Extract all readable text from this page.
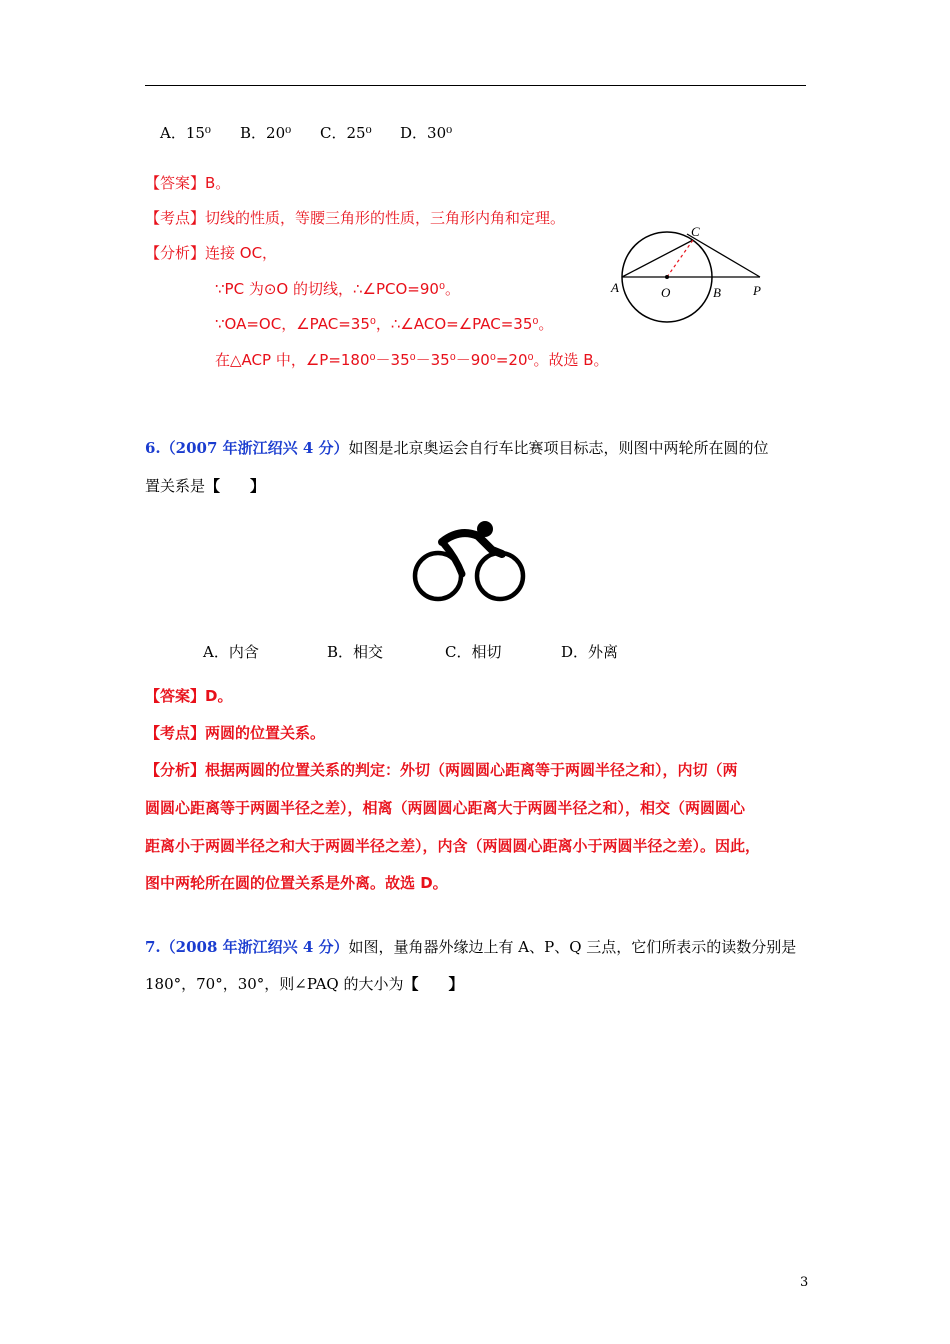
A．15⁰ B．20⁰ C．25⁰ D．30⁰
【答案】B。
【考点】切线的性质，等腰三角形的性质，三角形内角和定理。
【分析】连接 OC，
∵PC 为⊙O 的切线，∴∠PCO=90⁰。
∵OA=OC，∠PAC=35⁰，∴∠ACO=∠PAC=35⁰。
在△ACP 中，∠P=180⁰－35⁰－35⁰－90⁰=20⁰。故选 B。
A	O	B P
C
6.（2007 年浙江绍兴 4 分）如图是北京奥运会自行车比赛项目标志，则图中两轮所在圆的位
置关系是【　　】
A．内含	B．相交	C．相切	D．外离
【答案】D。
【考点】两圆的位置关系。
【分析】根据两圆的位置关系的判定：外切（两圆圆心距离等于两圆半径之和），内切（两
圆圆心距离等于两圆半径之差），相离（两圆圆心距离大于两圆半径之和），相交（两圆圆心
距离小于两圆半径之和大于两圆半径之差），内含（两圆圆心距离小于两圆半径之差）。因此，
图中两轮所在圆的位置关系是外离。故选 D。
7.（2008 年浙江绍兴 4 分）如图，量角器外缘边上有 A、P、Q 三点，它们所表示的读数分别是
180°，70°，30°，则∠PAQ 的大小为【　　】
3
